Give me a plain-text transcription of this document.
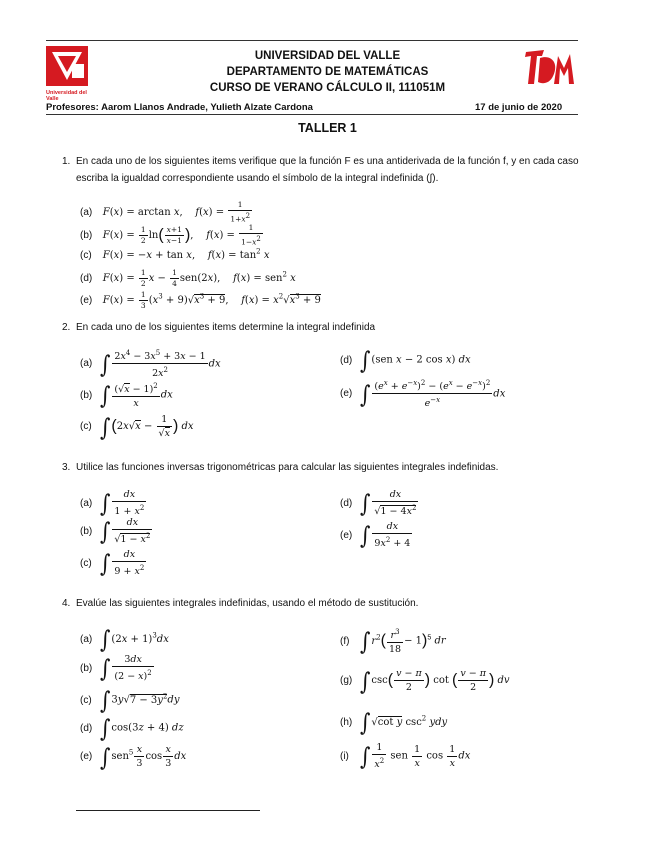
Universidad del Valle
UNIVERSIDAD DEL VALLE
DEPARTAMENTO DE MATEMÁTICAS
CURSO DE VERANO CÁLCULO II, 111051M
Profesores: Aarom Llanos Andrade, Yulieth Alzate Cardona	17 de junio de 2020
TALLER 1
1. En cada uno de los siguientes items verifique que la función F es una antiderivada de la función f, y en cada caso escriba la igualdad correspondiente usando el símbolo de la integral indefinida (∫).
(a) F(x) = arctan x,    $f(x) = \frac{1}{1+x^2}$
(b) $F(x) = \frac{1}{2} \ln( \frac{x+1}{x-1}$ ),    $f(x) = \frac{1}{1-x^2}$
(c) F(x) = −x + tan x,    $f(x) = \tan^2 x$
(d) $F(x) = \frac{1}{2}$ $x - \frac{1}{4} sen(2x)$,    f(x) = sen$^2$ x
(e) $F(x) = \frac{1}{3} (x^3 + 9)√x^3 + 9$,    $f(x) = x^2√x^3 + 9$
2. En cada uno de los siguientes items determine la integral indefinida
(a) ∫ $\frac{2x^4 - 3x^5 + 3x - 1}{2x^2}$ dx
(b) ∫ $\frac{(√x - 1)^2}{x}$ dx
(c) $\int(2x√x - \frac{1}{√x}$ ) dx
(d) ∫(sen x − 2 cos x) dx
(e) ∫ $\frac{(e^x + e^{-x})^2 - (e^x - e^{-x})^2}{e^{-x}}$ dx
3. Utilice las funciones inversas trigonométricas para calcular las siguientes integrales indefinidas.
(a) ∫ $\frac{dx}{1 + x^2}$
(b) ∫ $\frac{dx}{√1 - x^2}$
(c) ∫ $\frac{dx}{9 + x^2}$
(d) ∫ $\frac{dx}{√1 - 4x^2}$
(e) ∫ $\frac{dx}{9x^2 + 4}$
4. Evalúe las siguientes integrales indefinidas, usando el método de sustitución.
(a) $\int(2x + 1)^3dx$
(b) ∫ $\frac{3dx}{(2 - x)^2}$
(c) $\int 3y√7 - 3y^2dy$
(d) ∫cos(3z + 4) dz
(e) $\int sen^5 \frac{x}{3}$ $\cos \frac{x}{3}$ dx
(f) $\int r^2( \frac{r^3}{18} - 1)^5$ dr
(g) $\int\csc( \frac{v - \pi}{2}$ ) cot ( $\frac{v - \pi}{2}$ ) dv
(h) ∫√cot y $\csc^2$ ydy
(i) ∫ $\frac{1}{x^2}$ sen $\frac{1}{x}$ $\cos \frac{1}{x}$ dx
